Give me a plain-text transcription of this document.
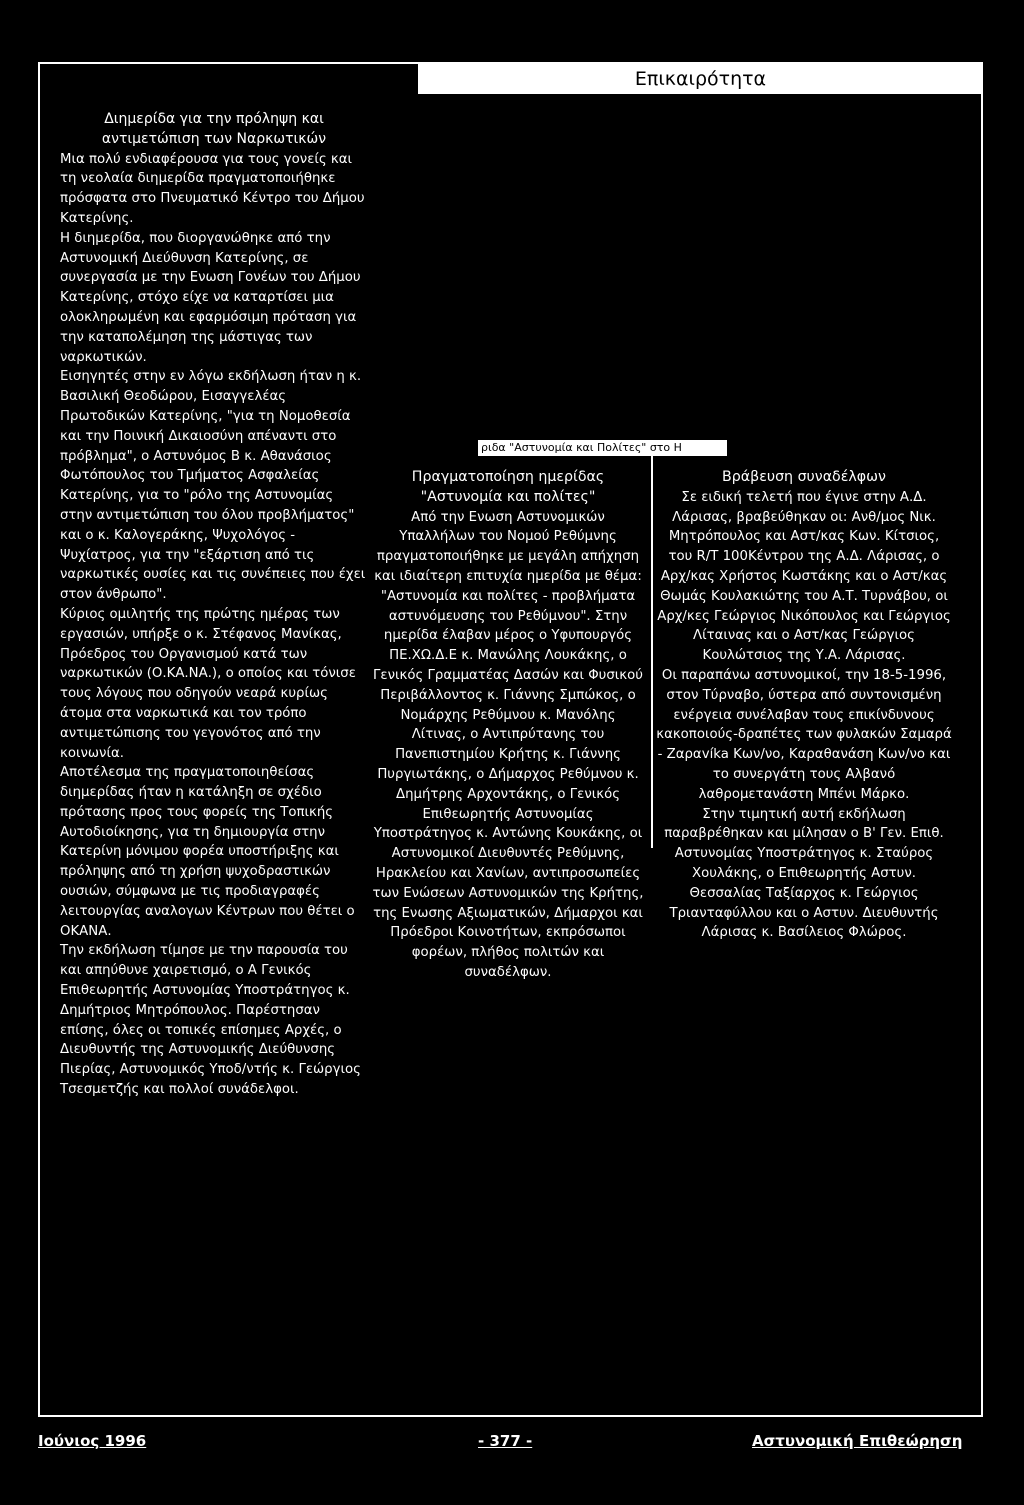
Επικαιρότητα

Διημερίδα για την πρόληψη και αντιμετώπιση των Ναρκωτικών

Μια πολύ ενδιαφέρουσα για τους γονείς και τη νεολαία διημερίδα πραγματοποιήθηκε πρόσφατα στο Πνευματικό Κέντρο του Δήμου Κατερίνης.

Η διημερίδα, που διοργανώθηκε από την Αστυνομική Διεύθυνση Κατερίνης, σε συνεργασία με την Ενωση Γονέων του Δήμου Κατερίνης, στόχο είχε να καταρτίσει μια ολοκληρωμένη και εφαρμόσιμη πρόταση για την καταπολέμηση της μάστιγας των ναρκωτικών.

Εισηγητές στην εν λόγω εκδήλωση ήταν η κ. Βασιλική Θεοδώρου, Εισαγγελέας Πρωτοδικών Κατερίνης, "για τη Νομοθεσία και την Ποινική Δικαιοσύνη απέναντι στο πρόβλημα", ο Αστυνόμος Β κ. Αθανάσιος Φωτόπουλος του Τμήματος Ασφαλείας Κατερίνης, για το "ρόλο της Αστυνομίας στην αντιμετώπιση του όλου προβλήματος" και ο κ. Καλογεράκης, Ψυχολόγος - Ψυχίατρος, για την "εξάρτιση από τις ναρκωτικές ουσίες και τις συνέπειες που έχει στον άνθρωπο".

Κύριος ομιλητής της πρώτης ημέρας των εργασιών, υπήρξε ο κ. Στέφανος Μανίκας, Πρόεδρος του Οργανισμού κατά των ναρκωτικών (Ο.ΚΑ.ΝΑ.), ο οποίος και τόνισε τους λόγους που οδηγούν νεαρά κυρίως άτομα στα ναρκωτικά και τον τρόπο αντιμετώπισης του γεγονότος από την κοινωνία.

Αποτέλεσμα της πραγματοποιηθείσας διημερίδας ήταν η κατάληξη σε σχέδιο πρότασης προς τους φορείς της Τοπικής Αυτοδιοίκησης, για τη δημιουργία στην Κατερίνη μόνιμου φορέα υποστήριξης και πρόληψης από τη χρήση ψυχοδραστικών ουσιών, σύμφωνα με τις προδιαγραφές λειτουργίας αναλογων Κέντρων που θέτει ο ΟΚΑΝΑ.

Την εκδήλωση τίμησε με την παρουσία του και απηύθυνε χαιρετισμό, ο Α Γενικός Επιθεωρητής Αστυνομίας Υποστράτηγος κ. Δημήτριος Μητρόπουλος. Παρέστησαν επίσης, όλες οι τοπικές επίσημες Αρχές, ο Διευθυντής της Αστυνομικής Διεύθυνσης Πιερίας, Αστυνομικός Υποδ/ντής κ. Γεώργιος Τσεσμετζής και πολλοί συνάδελφοι.

ριδα "Αστυνομία και Πολίτες" στο Η

Πραγματοποίηση ημερίδας

"Αστυνομία και πολίτες"

Από την Ενωση Αστυνομικών Υπαλλήλων του Νομού Ρεθύμνης πραγματοποιήθηκε με μεγάλη απήχηση και ιδιαίτερη επιτυχία ημερίδα με θέμα: "Αστυνομία και πολίτες - προβλήματα αστυνόμευσης του Ρεθύμνου". Στην ημερίδα έλαβαν μέρος ο Υφυπουργός ΠΕ.ΧΩ.Δ.Ε κ. Μανώλης Λουκάκης, ο Γενικός Γραμματέας Δασών και Φυσικού Περιβάλλοντος κ. Γιάννης Σμπώκος, ο Νομάρχης Ρεθύμνου κ. Μανόλης Λίτινας, ο Αντιπρύτανης του Πανεπιστημίου Κρήτης κ. Γιάννης Πυργιωτάκης, ο Δήμαρχος Ρεθύμνου κ. Δημήτρης Αρχοντάκης, ο Γενικός Επιθεωρητής Αστυνομίας Υποστράτηγος κ. Αντώνης Κουκάκης, οι Αστυνομικοί Διευθυντές Ρεθύμνης, Ηρακλείου και Χανίων, αντιπροσωπείες των Ενώσεων Αστυνομικών της Κρήτης, της Ενωσης Αξιωματικών, Δήμαρχοι και Πρόεδροι Κοινοτήτων, εκπρόσωποι φορέων, πλήθος πολιτών και συναδέλφων.

Βράβευση συναδέλφων

Σε ειδική τελετή που έγινε στην Α.Δ. Λάρισας, βραβεύθηκαν οι: Ανθ/μος Νικ. Μητρόπουλος και Αστ/κας Κων. Κίτσιος, του R/T 100Κέντρου της Α.Δ. Λάρισας, ο Αρχ/κας Χρήστος Κωστάκης και ο Αστ/κας Θωμάς Κουλακιώτης του Α.Τ. Τυρνάβου, οι Αρχ/κες Γεώργιος Νικόπουλος και Γεώργιος Λίταινας και ο Αστ/κας Γεώργιος Κουλώτσιος της Υ.Α. Λάρισας.

Οι παραπάνω αστυνομικοί, την 18-5-1996, στον Τύρναβο, ύστερα από συντονισμένη ενέργεια συνέλαβαν τους επικίνδυνους κακοποιούς-δραπέτες των φυλακών Σαμαρά - Ζαραvíka Κων/νο, Καραθανάση Κων/νο και το συνεργάτη τους Αλβανό λαθρομετανάστη Μπένι Μάρκο.

Στην τιμητική αυτή εκδήλωση παραβρέθηκαν και μίλησαν ο Β' Γεν. Επιθ. Αστυνομίας Υποστράτηγος κ. Σταύρος Χουλάκης, ο Επιθεωρητής Αστυν. Θεσσαλίας Ταξίαρχος κ. Γεώργιος Τριανταφύλλου και ο Αστυν. Διευθυντής Λάρισας κ. Βασίλειος Φλώρος.

Ιούνιος 1996	- 377 -	Αστυνομική Επιθεώρηση
